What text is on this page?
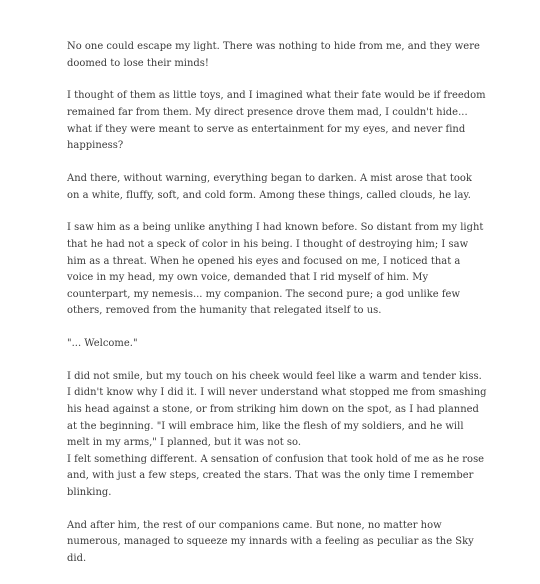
No one could escape my light. There was nothing to hide from me, and they were doomed to lose their minds!

I thought of them as little toys, and I imagined what their fate would be if freedom remained far from them. My direct presence drove them mad, I couldn't hide... what if they were meant to serve as entertainment for my eyes, and never find happiness?

And there, without warning, everything began to darken. A mist arose that took on a white, fluffy, soft, and cold form. Among these things, called clouds, he lay.

I saw him as a being unlike anything I had known before. So distant from my light that he had not a speck of color in his being. I thought of destroying him; I saw him as a threat. When he opened his eyes and focused on me, I noticed that a voice in my head, my own voice, demanded that I rid myself of him. My counterpart, my nemesis... my companion. The second pure; a god unlike few others, removed from the humanity that relegated itself to us.

"... Welcome."

I did not smile, but my touch on his cheek would feel like a warm and tender kiss. I didn't know why I did it. I will never understand what stopped me from smashing his head against a stone, or from striking him down on the spot, as I had planned at the beginning. "I will embrace him, like the flesh of my soldiers, and he will melt in my arms," I planned, but it was not so.

I felt something different. A sensation of confusion that took hold of me as he rose and, with just a few steps, created the stars. That was the only time I remember blinking.

And after him, the rest of our companions came. But none, no matter how numerous, managed to squeeze my innards with a feeling as peculiar as the Sky did.
